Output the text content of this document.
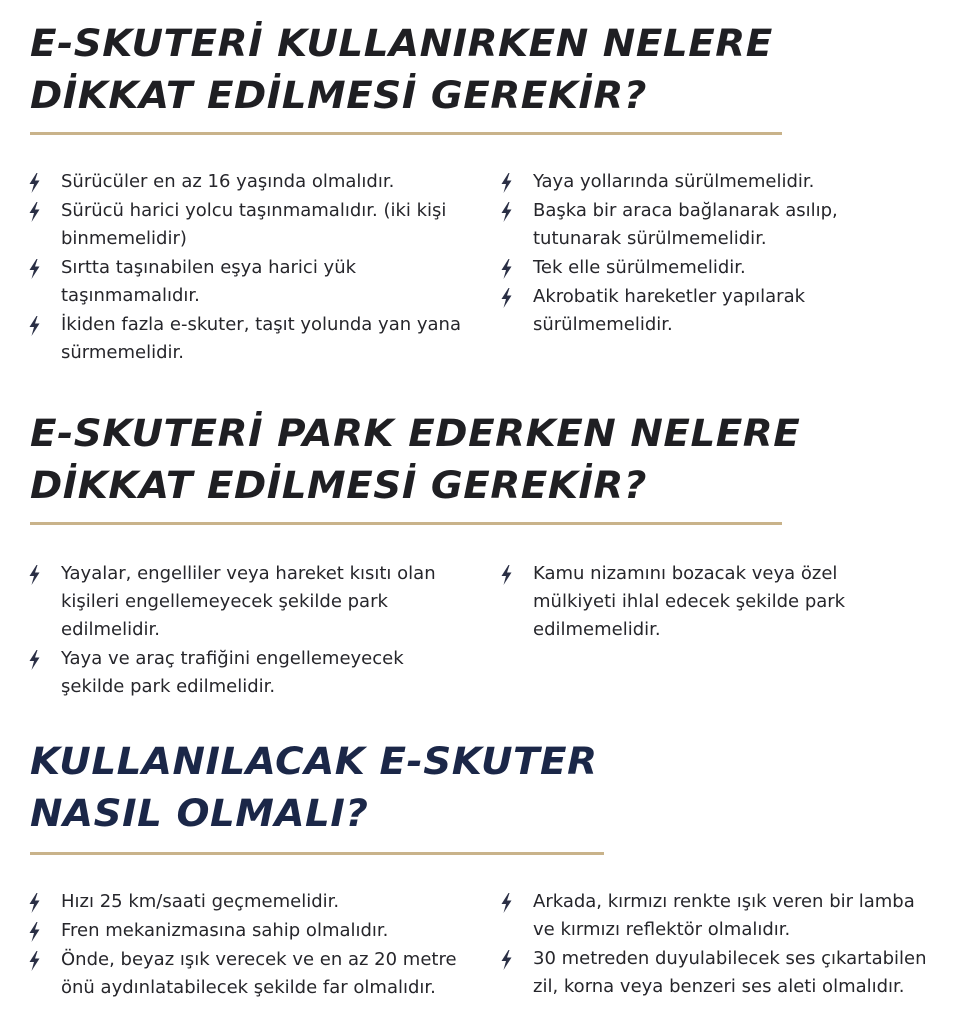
E-SKUTERİ KULLANIRKEN NELERE
DİKKAT EDİLMESİ GEREKİR?
Sürücüler en az 16 yaşında olmalıdır.
Sürücü harici yolcu taşınmamalıdır. (iki kişi binmemelidir)
Sırtta taşınabilen eşya harici yük taşınmamalıdır.
İkiden fazla e-skuter, taşıt yolunda yan yana sürmemelidir.
Yaya yollarında sürülmemelidir.
Başka bir araca bağlanarak asılıp, tutunarak sürülmemelidir.
Tek elle sürülmemelidir.
Akrobatik hareketler yapılarak sürülmemelidir.
E-SKUTERİ PARK EDERKEN NELERE
DİKKAT EDİLMESİ GEREKİR?
Yayalar, engelliler veya hareket kısıtı olan kişileri engellemeyecek şekilde park edilmelidir.
Yaya ve araç trafiğini engellemeyecek şekilde park edilmelidir.
Kamu nizamını bozacak veya özel mülkiyeti ihlal edecek şekilde park edilmemelidir.
KULLANILACAK E-SKUTER
NASIL OLMALI?
Hızı 25 km/saati geçmemelidir.
Fren mekanizmasına sahip olmalıdır.
Önde, beyaz ışık verecek ve en az 20 metre önü aydınlatabilecek şekilde far olmalıdır.
Arkada, kırmızı renkte ışık veren bir lamba ve kırmızı reflektör olmalıdır.
30 metreden duyulabilecek ses çıkartabilen zil, korna veya benzeri ses aleti olmalıdır.
